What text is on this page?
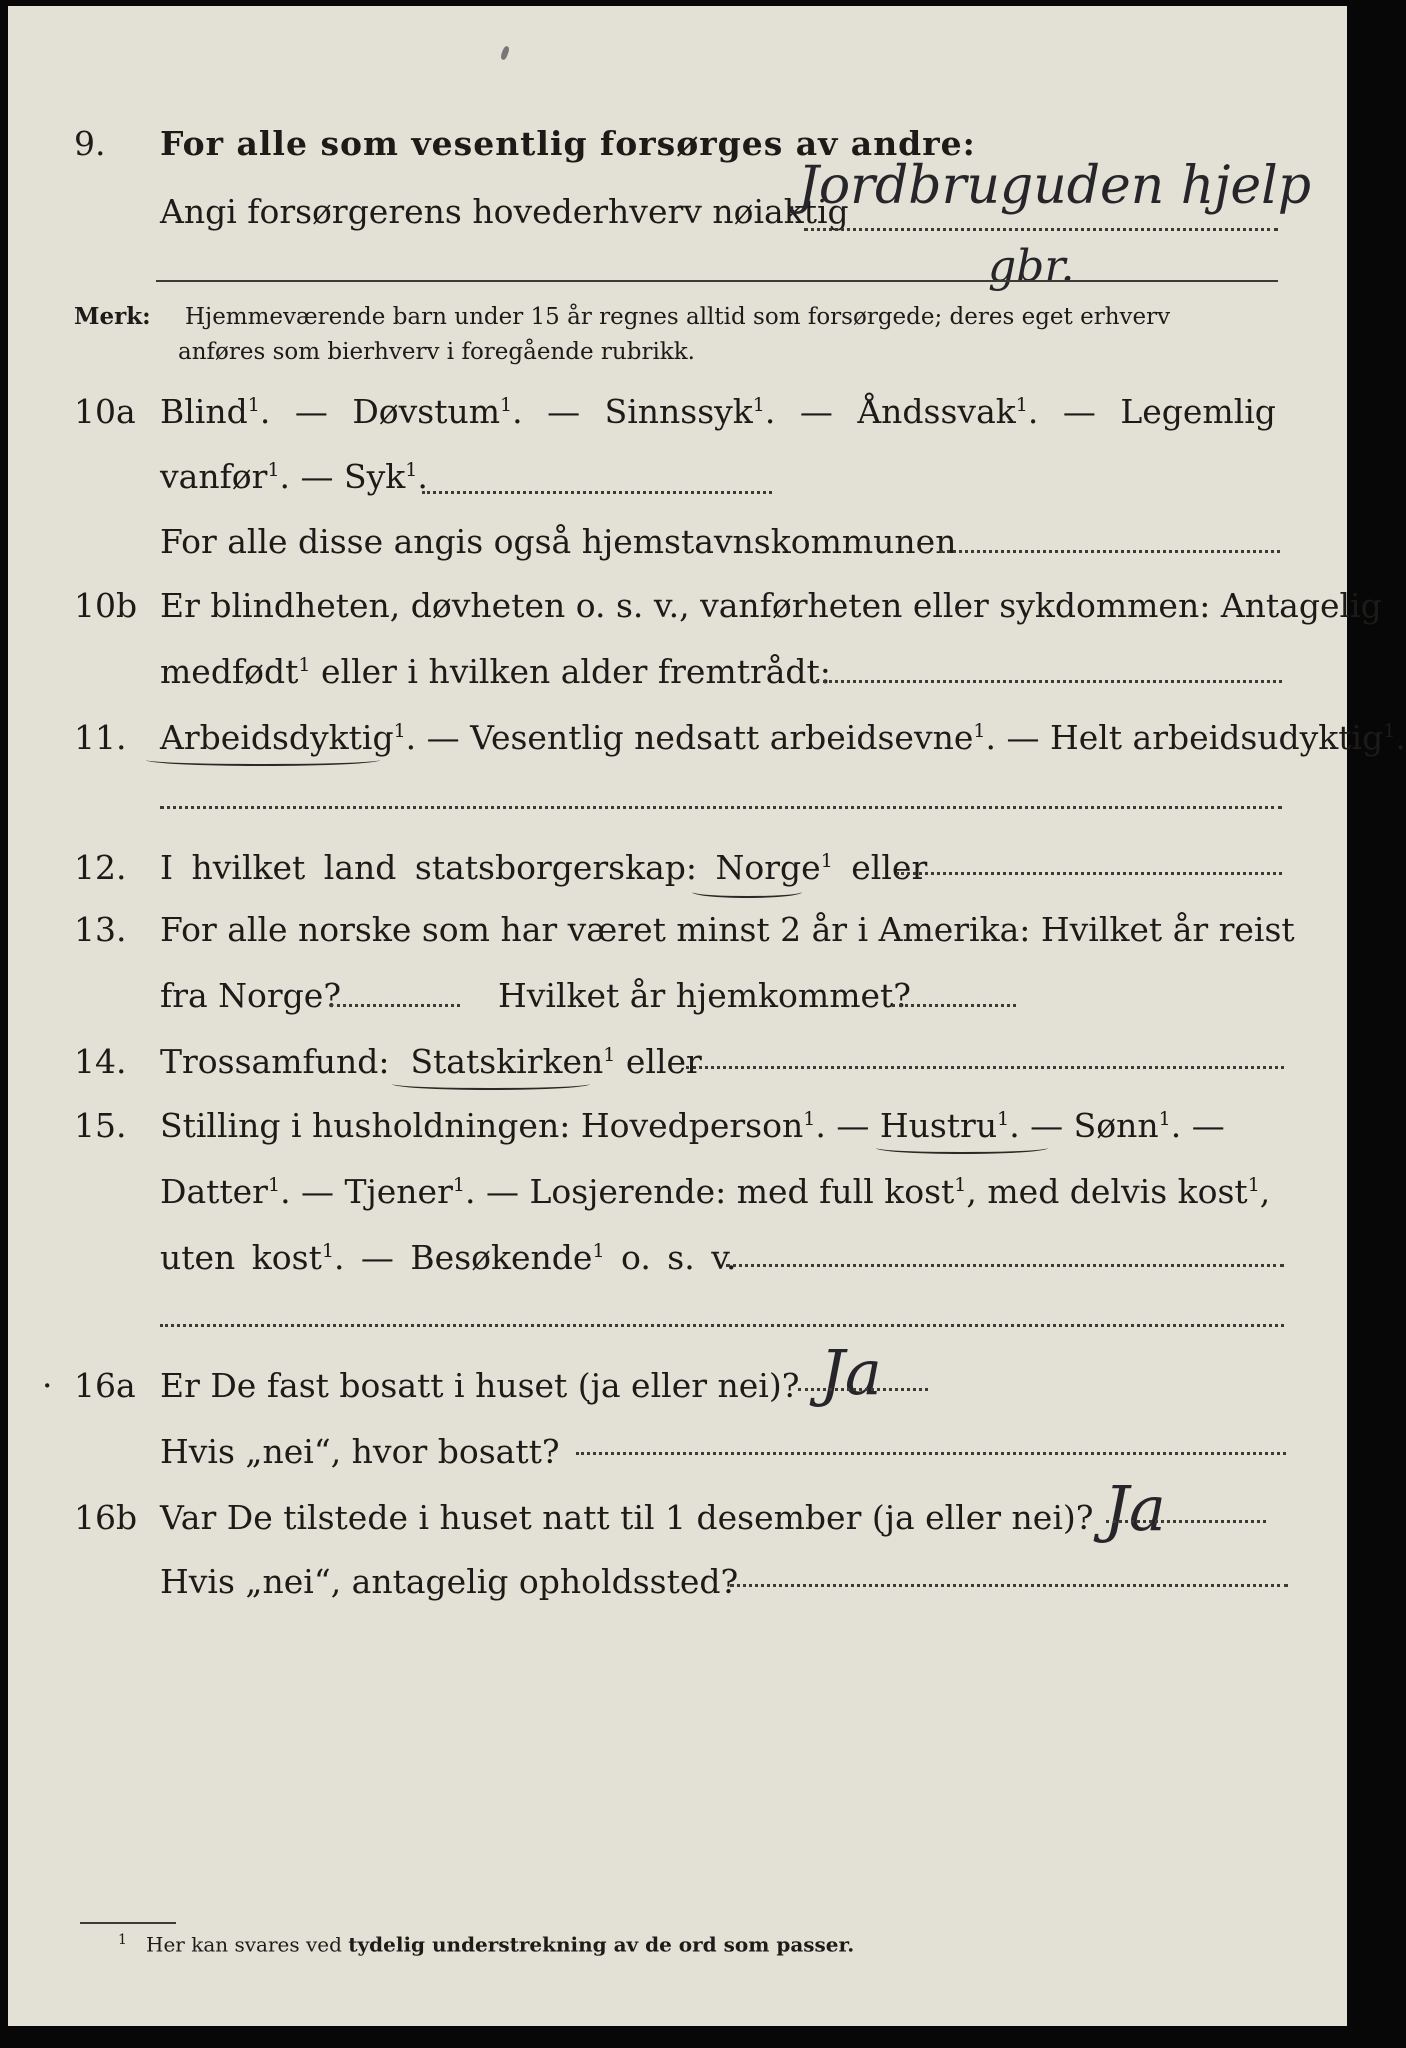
9.	For alle som vesentlig forsørges av andre:
Angi forsørgerens hovederhverv nøiaktig
Jordbruguden hjelp
gbr.
Merk: Hjemmeværende barn under 15 år regnes alltid som forsørgede; deres eget erhverv
anføres som bierhverv i foregående rubrikk.
10a Blind$^1$. — Døvstum$^1$. — Sinnssyk$^1$. — Åndssvak$^1$. — Legemlig
vanfør$^1$. — Syk$^1$.
For alle disse angis også hjemstavnskommunen
10b Er blindheten, døvheten o. s. v., vanførheten eller sykdommen: Antagelig
medfødt$^1$ eller i hvilken alder fremtrådt:
11.	Arbeidsdyktig$^1$. — Vesentlig nedsatt arbeidsevne$^1$. — Helt arbeidsudyktig$^1$.
12.	I hvilket land statsborgerskap: Norge$^1$ eller
13.	For alle norske som har været minst 2 år i Amerika: Hvilket år reist
fra Norge?	Hvilket år hjemkommet?
14.	Trossamfund: Statskirken$^1$ eller
15.	Stilling i husholdningen: Hovedperson$^1$. — Hustru$^1$. — Sønn$^1$. —
Datter$^1$. — Tjener$^1$. — Losjerende: med full kost$^1$, med delvis kost$^1$,
uten kost$^1$. — Besøkende$^1$ o. s. v.
· 16a Er De fast bosatt i huset (ja eller nei)? Ja
Hvis „nei“, hvor bosatt?
16b Var De tilstede i huset natt til 1 desember (ja eller nei)? Ja
Hvis „nei“, antagelig opholdssted?
$^1$ Her kan svares ved tydelig understrekning av de ord som passer.
